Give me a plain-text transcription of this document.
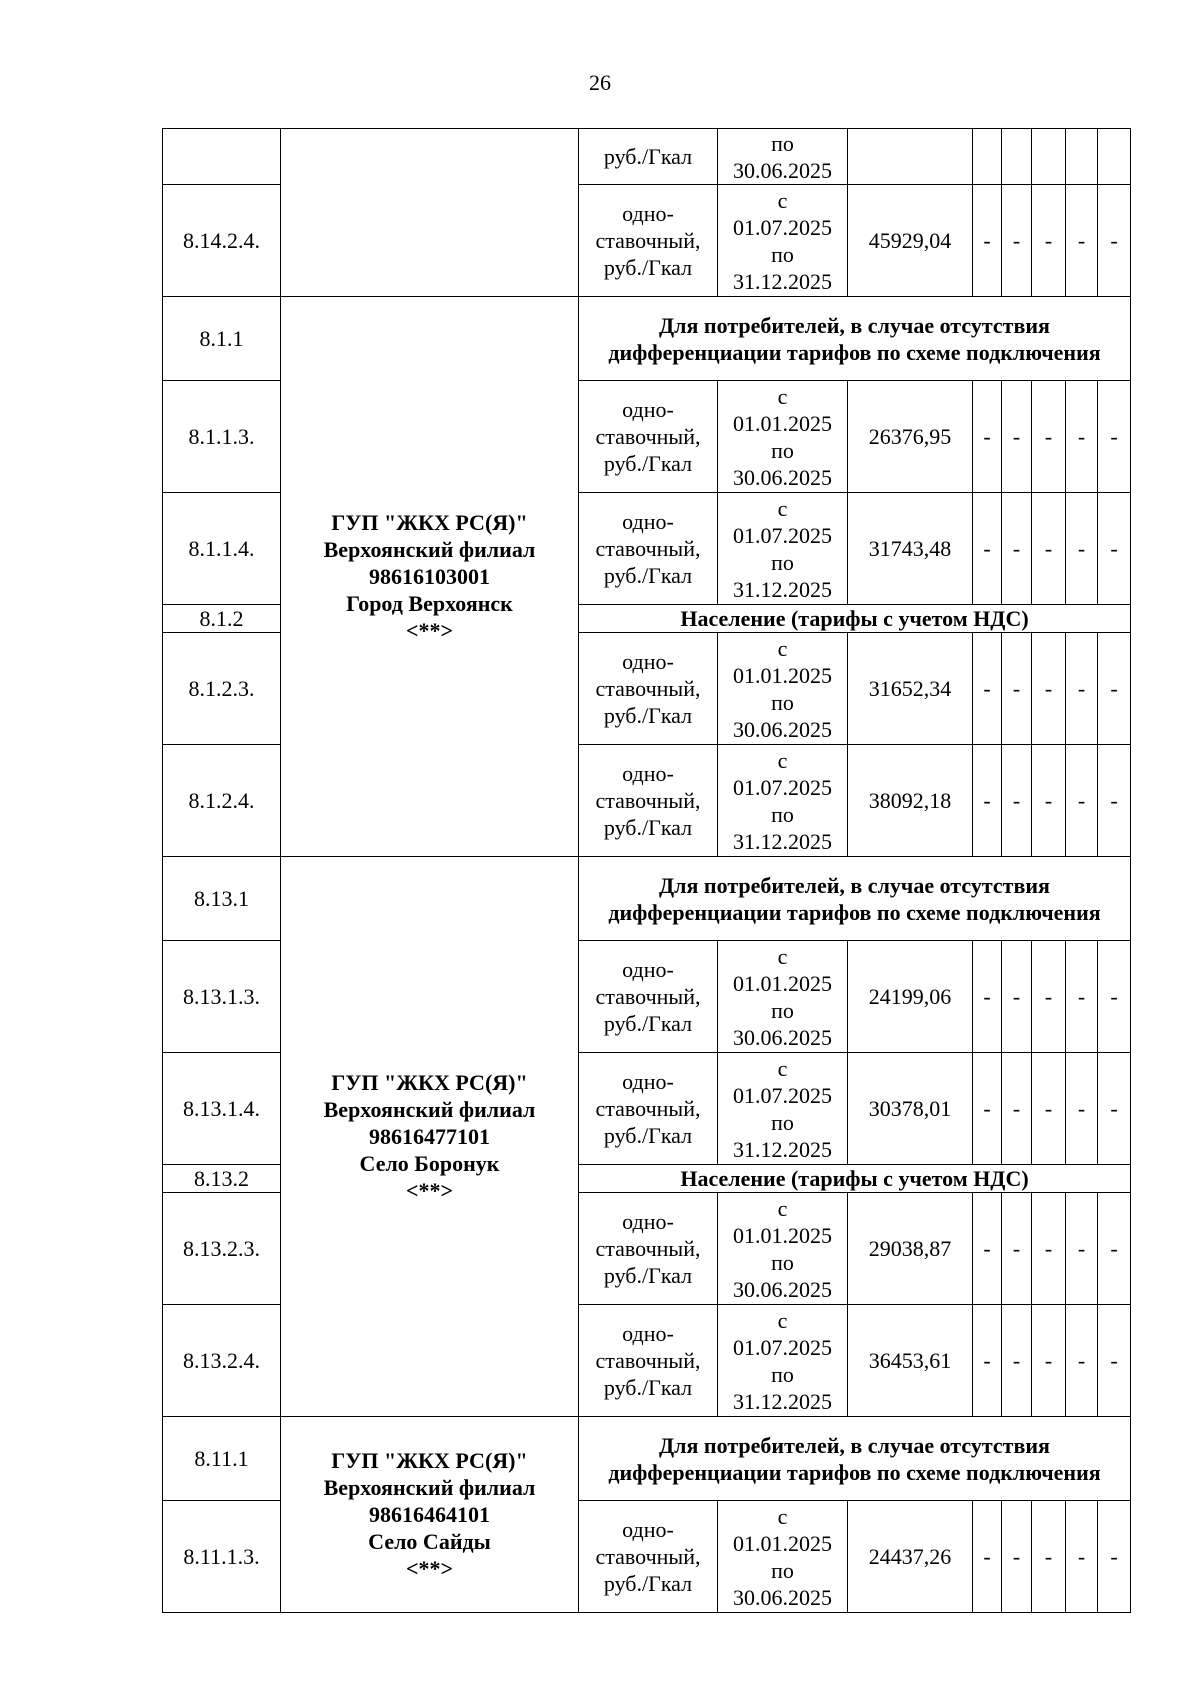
26
		руб./Гкал	по
30.06.2025						
8.14.2.4.		одно-
ставочный,
руб./Гкал	с
01.07.2025
по
31.12.2025	45929,04	-	-	-	-	-
8.1.1	ГУП "ЖКХ РС(Я)"
Верхоянский филиал
98616103001
Город Верхоянск
<**>	Для потребителей, в случае отсутствия дифференциации тарифов по схеме подключения							
8.1.1.3.		одно-
ставочный,
руб./Гкал	с
01.01.2025
по
30.06.2025	26376,95	-	-	-	-	-
8.1.1.4.		одно-
ставочный,
руб./Гкал	с
01.07.2025
по
31.12.2025	31743,48	-	-	-	-	-
8.1.2		Население (тарифы с учетом НДС)							
8.1.2.3.		одно-
ставочный,
руб./Гкал	с
01.01.2025
по
30.06.2025	31652,34	-	-	-	-	-
8.1.2.4.		одно-
ставочный,
руб./Гкал	с
01.07.2025
по
31.12.2025	38092,18	-	-	-	-	-
8.13.1	ГУП "ЖКХ РС(Я)"
Верхоянский филиал
98616477101
Село Боронук
<**>	Для потребителей, в случае отсутствия дифференциации тарифов по схеме подключения							
8.13.1.3.		одно-
ставочный,
руб./Гкал	с
01.01.2025
по
30.06.2025	24199,06	-	-	-	-	-
8.13.1.4.		одно-
ставочный,
руб./Гкал	с
01.07.2025
по
31.12.2025	30378,01	-	-	-	-	-
8.13.2		Население (тарифы с учетом НДС)							
8.13.2.3.		одно-
ставочный,
руб./Гкал	с
01.01.2025
по
30.06.2025	29038,87	-	-	-	-	-
8.13.2.4.		одно-
ставочный,
руб./Гкал	с
01.07.2025
по
31.12.2025	36453,61	-	-	-	-	-
8.11.1	ГУП "ЖКХ РС(Я)"
Верхоянский филиал
98616464101
Село Сайды
<**>	Для потребителей, в случае отсутствия дифференциации тарифов по схеме подключения							
8.11.1.3.		одно-
ставочный,
руб./Гкал	с
01.01.2025
по
30.06.2025	24437,26	-	-	-	-	-
